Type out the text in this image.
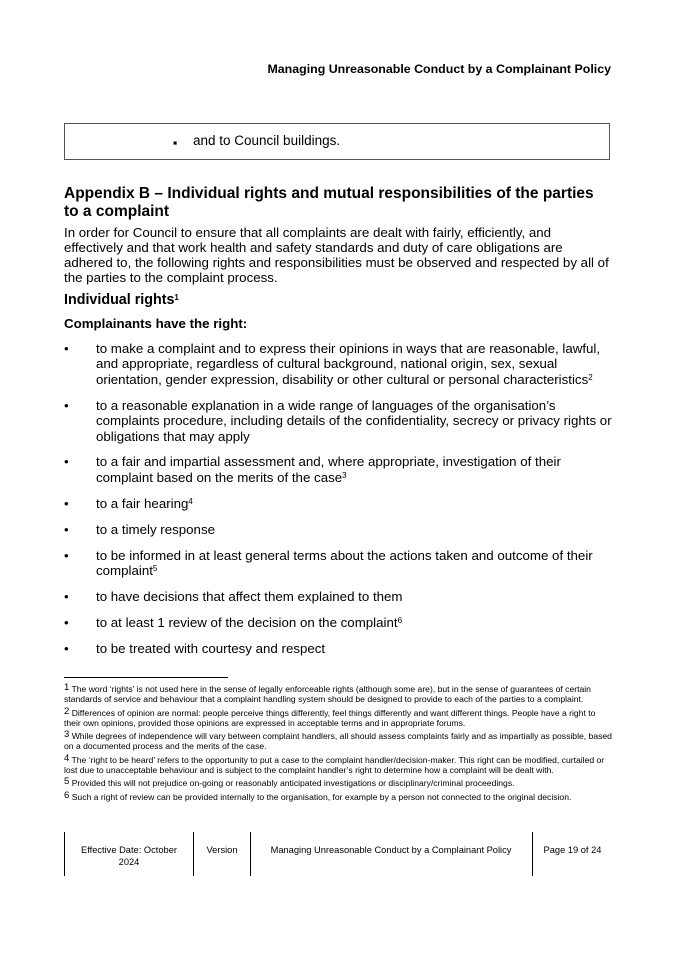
Managing Unreasonable Conduct by a Complainant Policy
▪ and to Council buildings.
Appendix B – Individual rights and mutual responsibilities of the parties to a complaint
In order for Council to ensure that all complaints are dealt with fairly, efficiently, and effectively and that work health and safety standards and duty of care obligations are adhered to, the following rights and responsibilities must be observed and respected by all of the parties to the complaint process.
Individual rights$^1$
Complainants have the right:
• to make a complaint and to express their opinions in ways that are reasonable, lawful, and appropriate, regardless of cultural background, national origin, sex, sexual orientation, gender expression, disability or other cultural or personal characteristics$^2$
• to a reasonable explanation in a wide range of languages of the organisation’s complaints procedure, including details of the confidentiality, secrecy or privacy rights or obligations that may apply
• to a fair and impartial assessment and, where appropriate, investigation of their complaint based on the merits of the case$^3$
• to a fair hearing$^4$
• to a timely response
• to be informed in at least general terms about the actions taken and outcome of their complaint$^5$
• to have decisions that affect them explained to them
• to at least 1 review of the decision on the complaint$^6$
• to be treated with courtesy and respect
1 The word ‘rights’ is not used here in the sense of legally enforceable rights (although some are), but in the sense of guarantees of certain standards of service and behaviour that a complaint handling system should be designed to provide to each of the parties to a complaint.
2 Differences of opinion are normal: people perceive things differently, feel things differently and want different things. People have a right to their own opinions, provided those opinions are expressed in acceptable terms and in appropriate forums.
3 While degrees of independence will vary between complaint handlers, all should assess complaints fairly and as impartially as possible, based on a documented process and the merits of the case.
4 The ‘right to be heard’ refers to the opportunity to put a case to the complaint handler/decision-maker. This right can be modified, curtailed or lost due to unacceptable behaviour and is subject to the complaint handler’s right to determine how a complaint will be dealt with.
5 Provided this will not prejudice on-going or reasonably anticipated investigations or disciplinary/criminal proceedings.
6 Such a right of review can be provided internally to the organisation, for example by a person not connected to the original decision.
Effective Date: October 2024
Version	Managing Unreasonable Conduct by a Complainant Policy	Page 19 of 24
